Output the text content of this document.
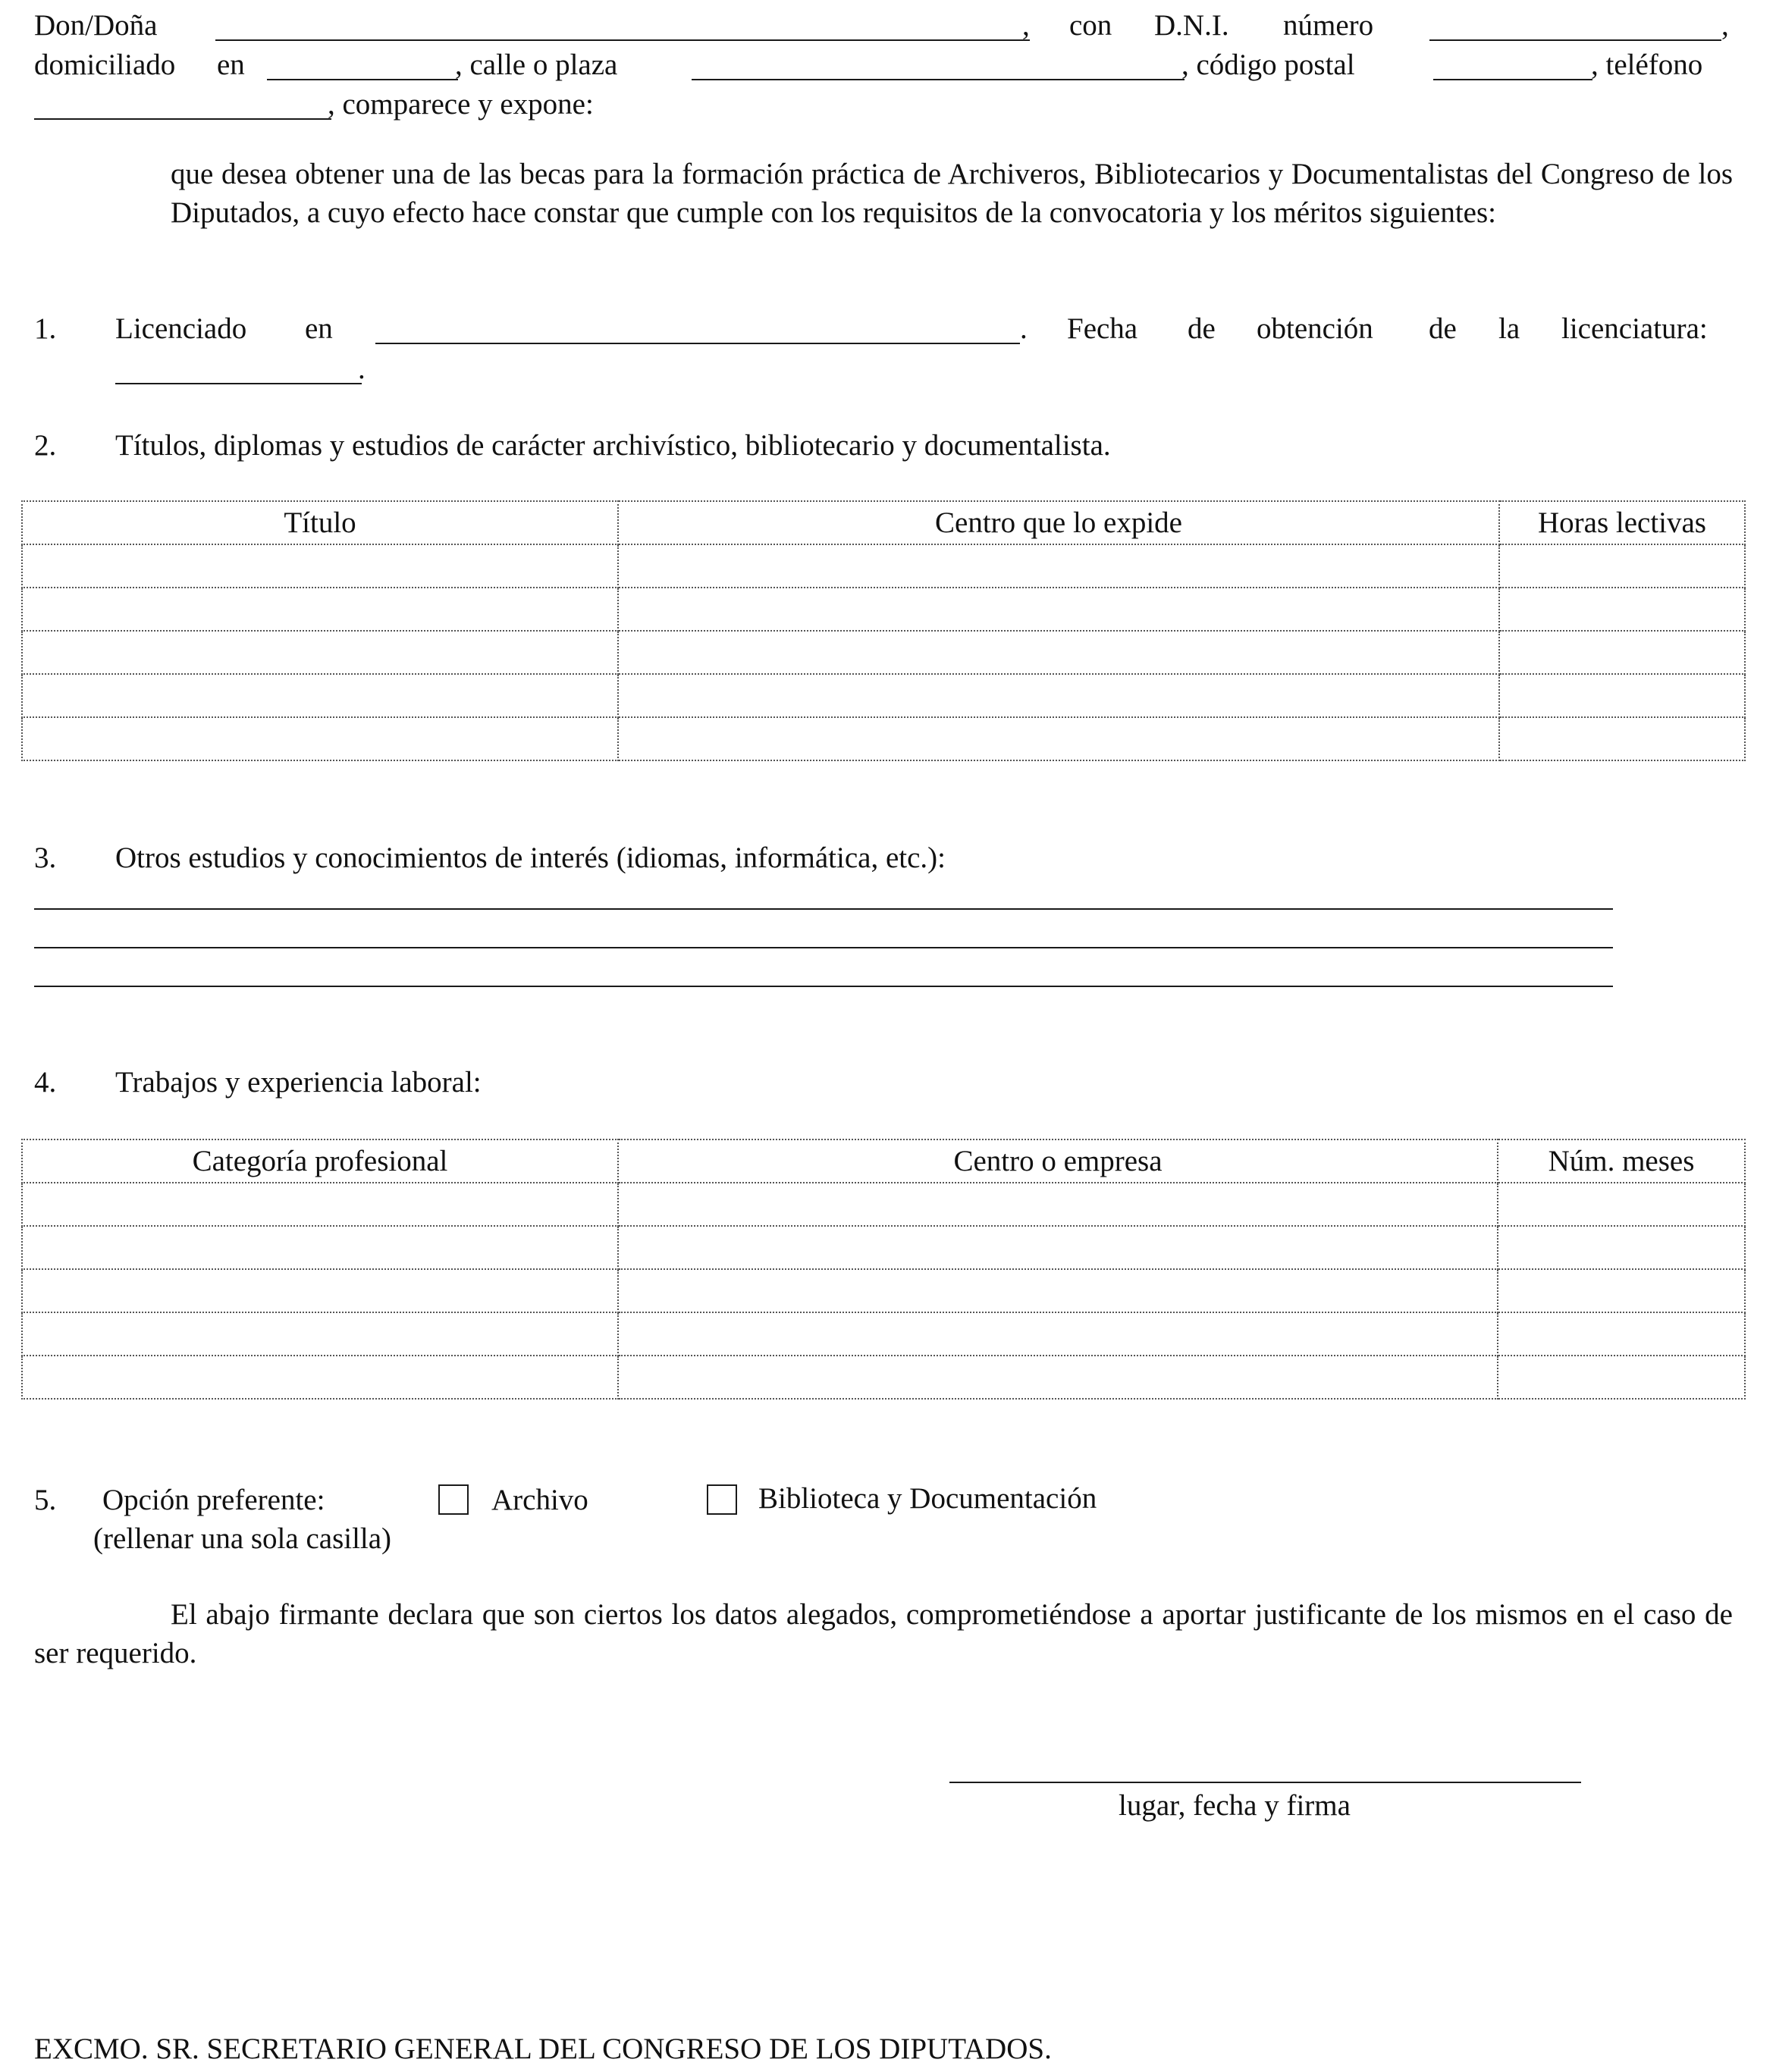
Don/Doña	, con D.N.I. número	,
domiciliado en	, calle o plaza	, código postal	, teléfono
, comparece y expone:
que desea obtener una de las becas para la formación práctica de Archiveros, Bibliotecarios y Documentalistas del Congreso de los Diputados, a cuyo efecto hace constar que cumple con los requisitos de la convocatoria y los méritos siguientes:
1. Licenciado en	. Fecha de obtención de la licenciatura:
.
2. Títulos, diplomas y estudios de carácter archivístico, bibliotecario y documentalista.
Título	Centro que lo expide	Horas lectivas

3. Otros estudios y conocimientos de interés (idiomas, informática, etc.):
4. Trabajos y experiencia laboral:
Categoría profesional	Centro o empresa	Núm. meses

5. Opción preferente:	Archivo	Biblioteca y Documentación
(rellenar una sola casilla)
El abajo firmante declara que son ciertos los datos alegados, comprometiéndose a aportar justificante de los mismos en el caso de ser requerido.
lugar, fecha y firma
EXCMO. SR. SECRETARIO GENERAL DEL CONGRESO DE LOS DIPUTADOS.
